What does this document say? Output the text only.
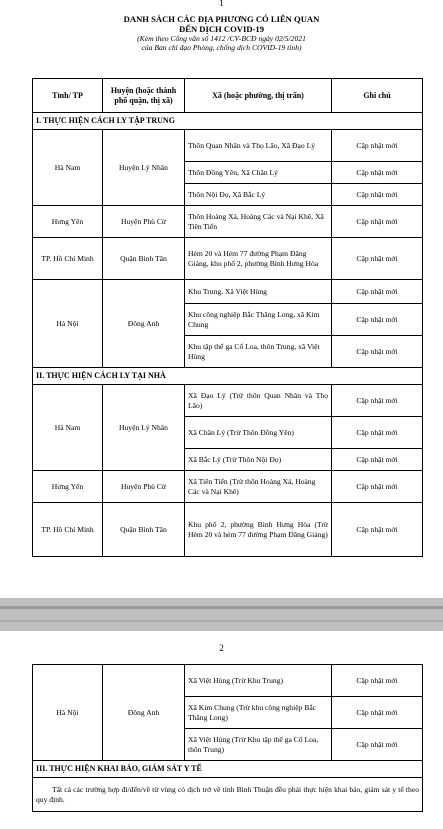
1
DANH SÁCH CÁC ĐỊA PHƯƠNG CÓ LIÊN QUAN
ĐẾN DỊCH COVID-19
(Kèm theo Công văn số 1412 /CV-BCĐ ngày 02/5/2021
của Ban chỉ đạo Phòng, chống dịch COVID-19 tỉnh)
Tỉnh/ TP	Huyện (hoặc thành phố quận, thị xã)	Xã (hoặc phường, thị trấn)	Ghi chú
I. THỰC HIỆN CÁCH LY TẬP TRUNG			
Hà Nam	Huyện Lý Nhân	Thôn Quan Nhân và Thọ Lão, Xã Đạo Lý	Cập nhật mới
		Thôn Đồng Yên, Xã Chân Lý	Cập nhật mới
		Thôn Nội Đọ, Xã Bắc Lý	Cập nhật mới
Hưng Yên	Huyện Phù Cừ	Thôn Hoàng Xá, Hoàng Các và Nại Khê, Xã Tiên Tiến	Cập nhật mới
TP. Hồ Chí Minh	Quận Bình Tân	Hẻm 20 và Hẻm 77 đường Phạm Đăng Giảng, khu phố 2, phường Bình Hưng Hòa	Cập nhật mới
Hà Nội	Đông Anh	Khu Trung, Xã Việt Hùng	Cập nhật mới
		Khu công nghiệp Bắc Thăng Long, xã Kim Chung	Cập nhật mới
		Khu tập thể ga Cổ Loa, thôn Trung, xã Việt Hùng	Cập nhật mới
II. THỰC HIỆN CÁCH LY TẠI NHÀ			
Hà Nam	Huyện Lý Nhân	Xã Đạo Lý (Trừ thôn Quan Nhân và Thọ Lão)	Cập nhật mới
		Xã Chân Lý (Trừ Thôn Đồng Yên)	Cập nhật mới
		Xã Bắc Lý (Trừ Thôn Nội Đọ)	Cập nhật mới
Hưng Yên	Huyện Phù Cừ	Xã Tiên Tiến (Trừ thôn Hoàng Xá, Hoàng Các và Nại Khê)	Cập nhật mới
TP. Hồ Chí Minh	Quận Bình Tân	Khu phố 2, phường Bình Hưng Hòa (Trừ Hẻm 20 và hẻm 77 đường Phạm Đăng Giảng)	Cập nhật mới
2
Hà Nội	Đông Anh	Xã Việt Hùng (Trừ Khu Trung)	Cập nhật mới
		Xã Kim Chung (Trừ khu công nghiệp Bắc Thăng Long)	Cập nhật mới
		Xã Việt Hùng (Trừ Khu tập thể ga Cổ Loa, thôn Trung)	Cập nhật mới
III. THỰC HIỆN KHAI BÁO, GIÁM SÁT Y TẾ			
Tất cả các trường hợp đi/đến/về từ vùng có dịch trở về tỉnh Bình Thuận đều phải thực hiện khai báo, giám sát y tế theo quy định.			
